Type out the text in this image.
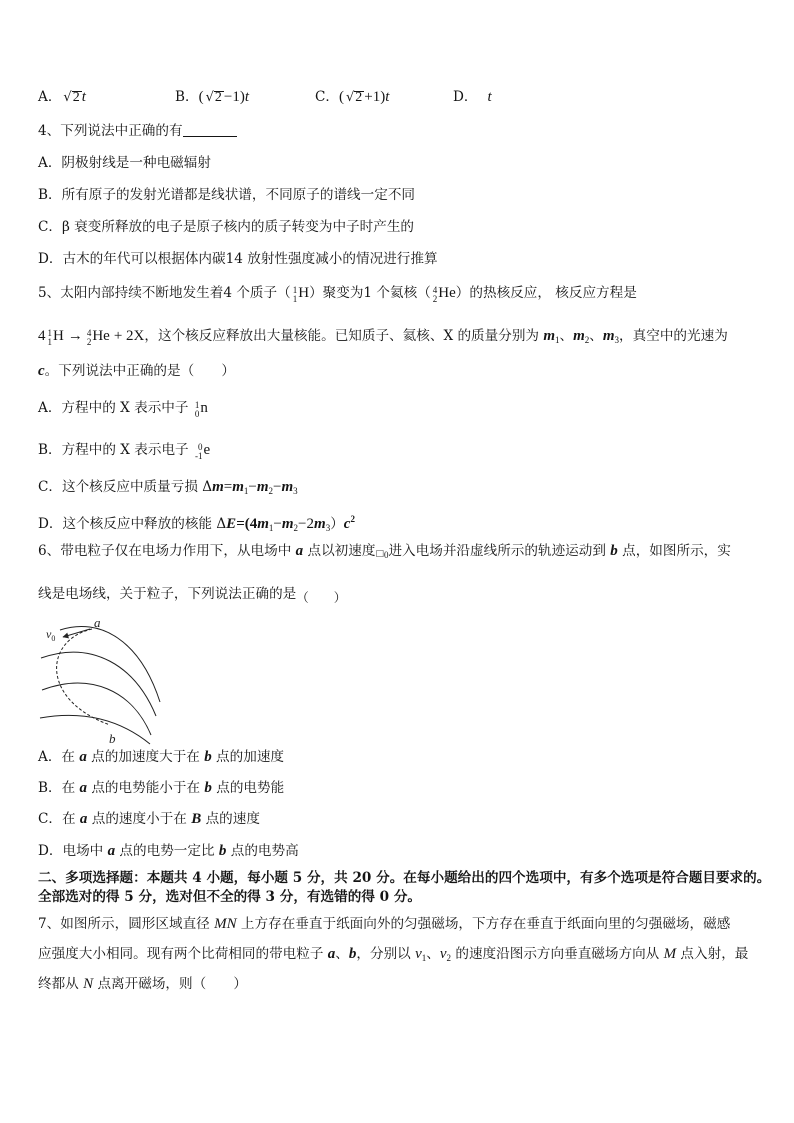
A． √2 t	B．( √2 −1)t	C．( √2 +1)t	D． t
4、下列说法中正确的有
A．阴极射线是一种电磁辐射
B．所有原子的发射光谱都是线状谱，不同原子的谱线一定不同
C．β 衰变所释放的电子是原子核内的质子转变为中子时产生的
D．古木的年代可以根据体内碳14 放射性强度减小的情况进行推算
5、太阳内部持续不断地发生着4 个质子（ 1
1 H）聚变为1 个氦核（ 4
2 He）的热核反应， 核反应方程是
4 1
1 H → 4
2 He + 2X，这个核反应释放出大量核能。已知质子、氦核、X 的质量分别为 $m_1$、$m_2$、$m_3$，真空中的光速为
c。下列说法中正确的是（　　）
A．方程中的 X 表示中子 1
0 n
B．方程中的 X 表示电子 0
-1 e
C．这个核反应中质量亏损 $\Delta m=m_1-m_2-m_3$
D．这个核反应中释放的核能 $\Delta E=(4m_1-m_2-2m_3)c^2$
6、带电粒子仅在电场力作用下，从电场中 a 点以初速度$□_0$进入电场并沿虚线所示的轨迹运动到 b 点，如图所示，实
线是电场线，关于粒子，下列说法正确的是（　　）
$v_0$
a
b
A．在 a 点的加速度大于在 b 点的加速度
B．在 a 点的电势能小于在 b 点的电势能
C．在 a 点的速度小于在 B 点的速度
D．电场中 a 点的电势一定比 b 点的电势高
二、多项选择题：本题共 4 小题，每小题 5 分，共 20 分。在每小题给出的四个选项中，有多个选项是符合题目要求的。
全部选对的得 5 分，选对但不全的得 3 分，有选错的得 0 分。
7、如图所示，圆形区域直径 MN 上方存在垂直于纸面向外的匀强磁场，下方存在垂直于纸面向里的匀强磁场，磁感
应强度大小相同。现有两个比荷相同的带电粒子 a、b，分别以 $v_1$、$v_2$ 的速度沿图示方向垂直磁场方向从 M 点入射，最
终都从 N 点离开磁场，则（　　）
